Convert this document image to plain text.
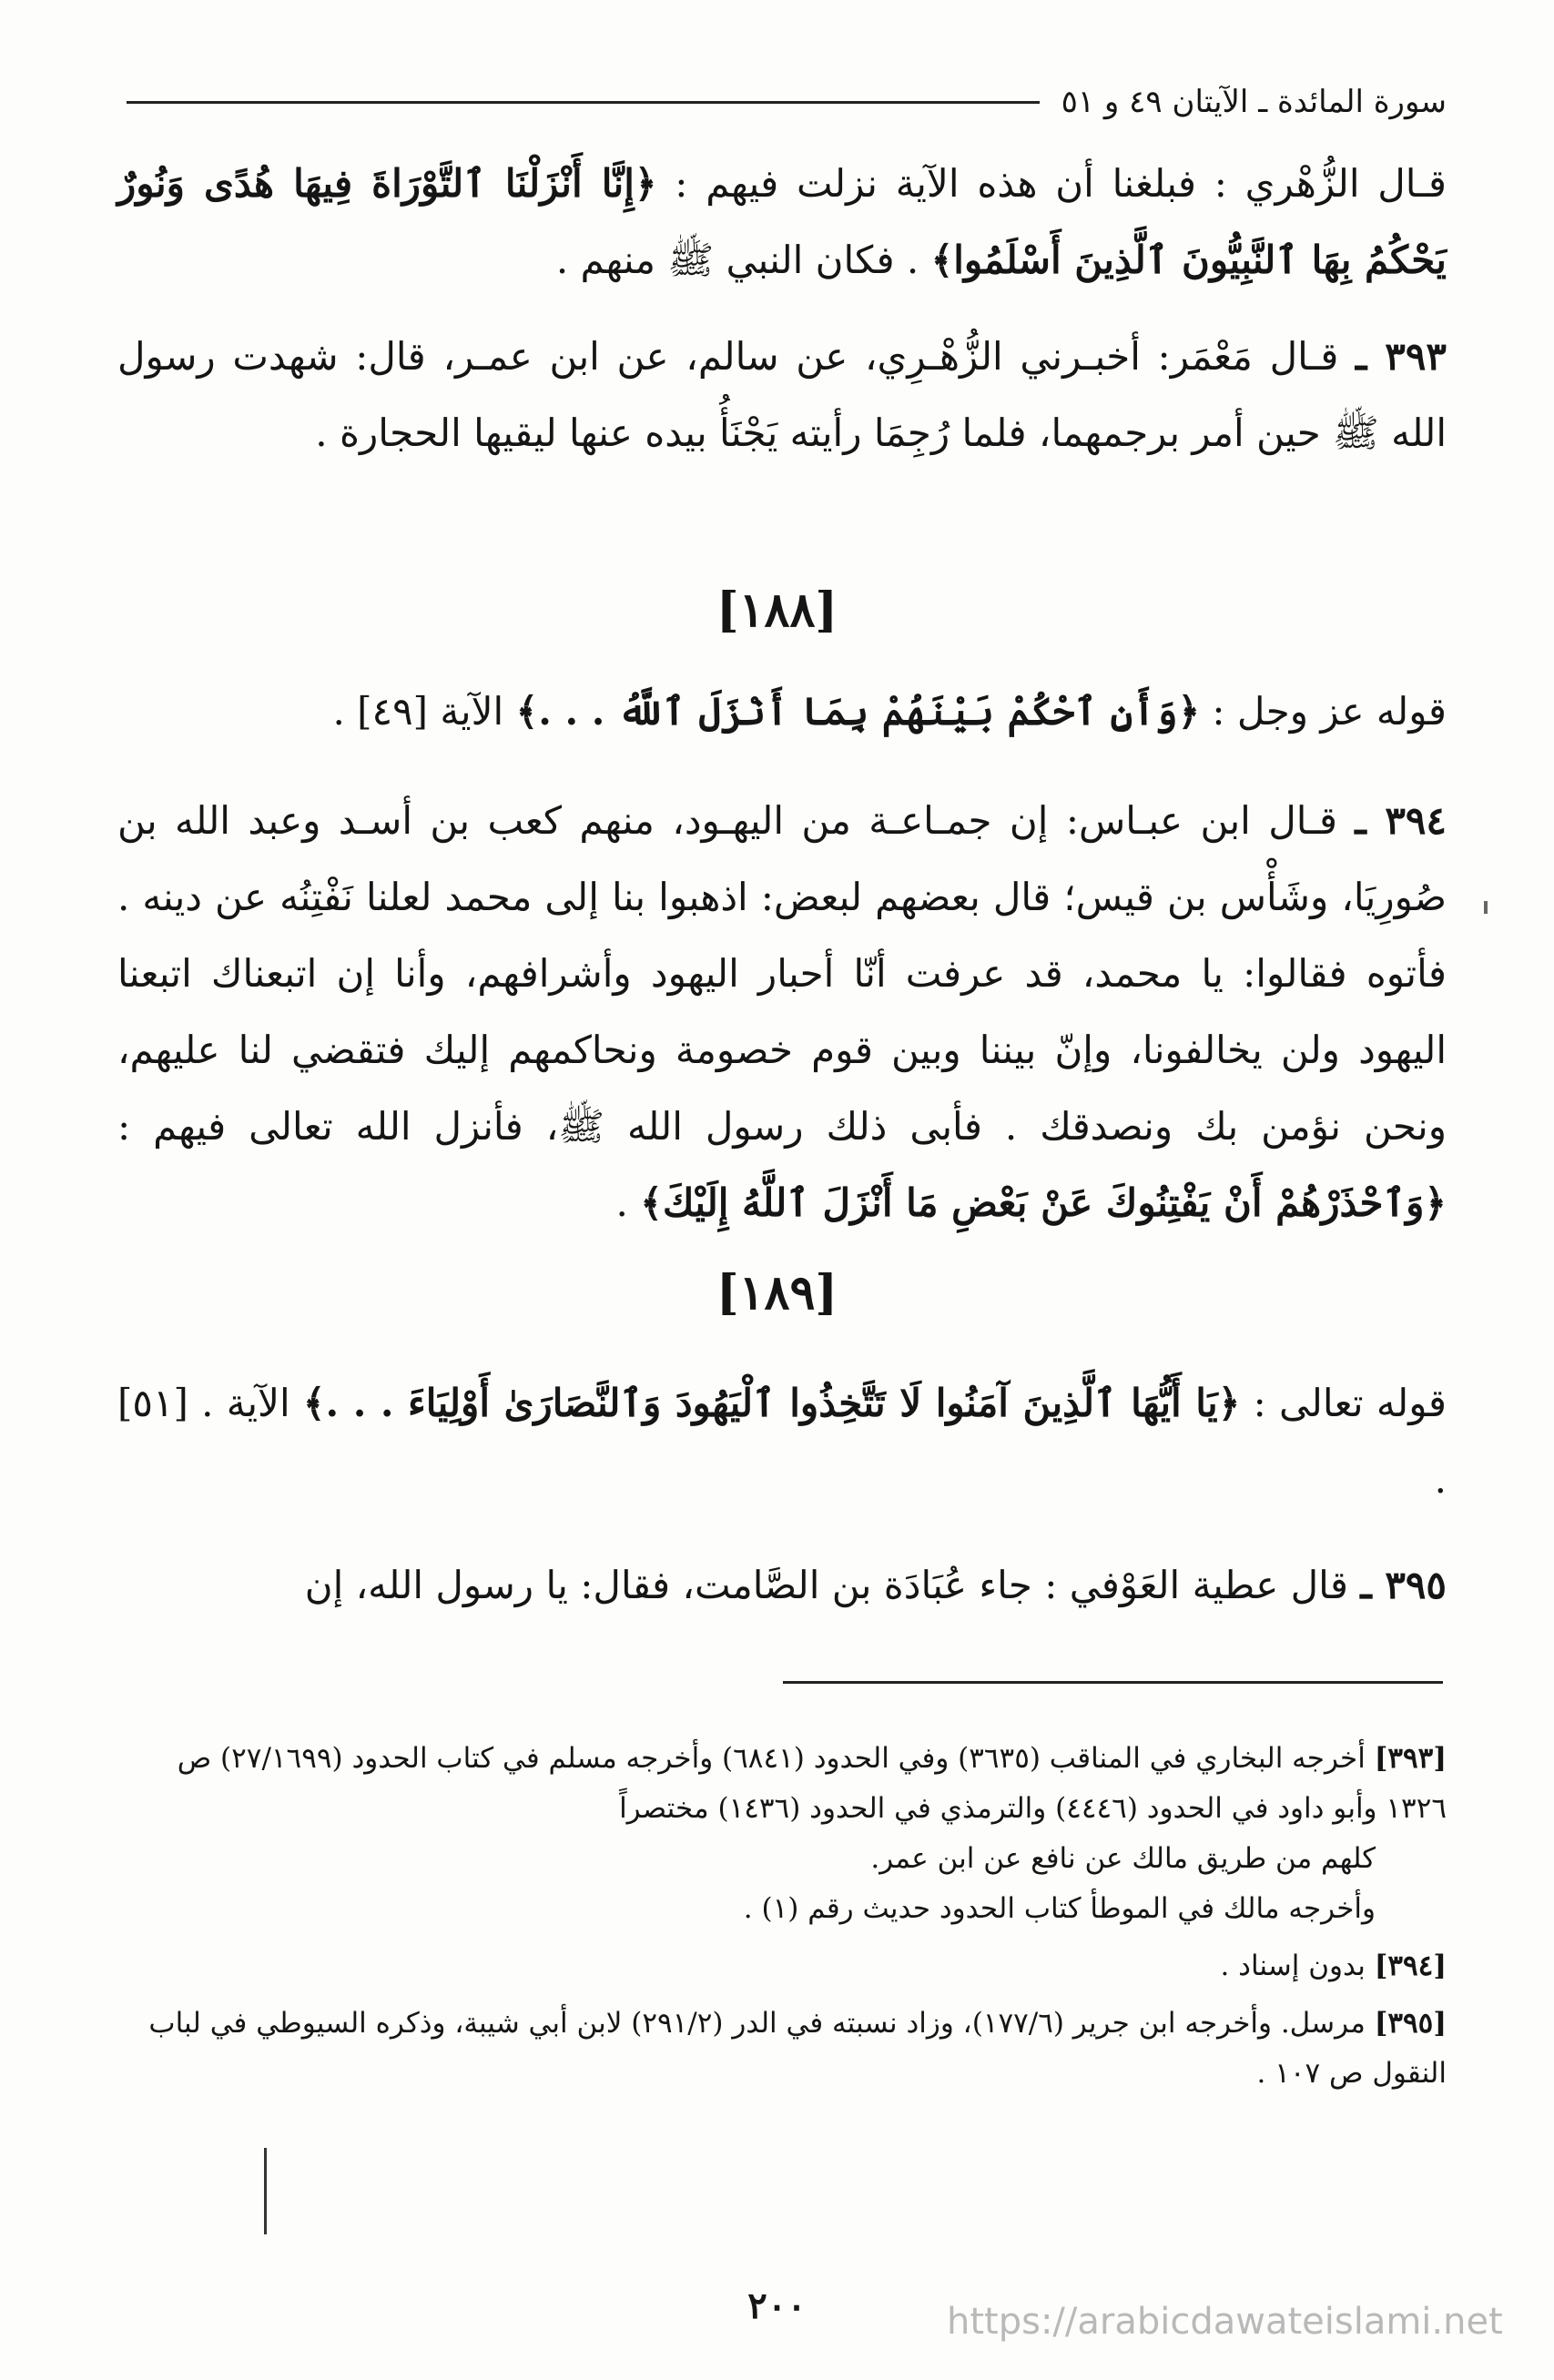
سورة المائدة ـ الآيتان ٤٩ و ٥١
قـال الزُّهْري : فبلغنا أن هذه الآية نزلت فيهم : ﴿إِنَّا أَنْزَلْنَا ٱلتَّوْرَاةَ فِيهَا هُدًى وَنُورٌ يَحْكُمُ بِهَا ٱلنَّبِيُّونَ ٱلَّذِينَ أَسْلَمُوا﴾ . فكان النبي ﷺ منهم .
٣٩٣ ـ قـال مَعْمَر: أخبـرني الزُّهْـرِي، عن سالم، عن ابن عمـر، قال: شهدت رسول الله ﷺ حين أمر برجمهما، فلما رُجِمَا رأيته يَجْنَأُ بيده عنها ليقيها الحجارة .
[١٨٨]
قوله عز وجل : ﴿وَأَنِ ٱحْكُمْ بَيْنَهُمْ بِمَا أَنْزَلَ ٱللَّهُ . . .﴾ الآية [٤٩] .
٣٩٤ ـ قـال ابن عبـاس: إن جمـاعـة من اليهـود، منهم كعب بن أسـد وعبد الله بن صُورِيَا، وشَأْس بن قيس؛ قال بعضهم لبعض: اذهبوا بنا إلى محمد لعلنا نَفْتِنُه عن دينه . فأتوه فقالوا: يا محمد، قد عرفت أنّا أحبار اليهود وأشرافهم، وأنا إن اتبعناك اتبعنا اليهود ولن يخالفونا، وإنّ بيننا وبين قوم خصومة ونحاكمهم إليك فتقضي لنا عليهم، ونحن نؤمن بك ونصدقك . فأبى ذلك رسول الله ﷺ، فأنزل الله تعالى فيهم : ﴿وَٱحْذَرْهُمْ أَنْ يَفْتِنُوكَ عَنْ بَعْضِ مَا أَنْزَلَ ٱللَّهُ إِلَيْكَ﴾ .
[١٨٩]
قوله تعالى : ﴿يَا أَيُّهَا ٱلَّذِينَ آمَنُوا لَا تَتَّخِذُوا ٱلْيَهُودَ وَٱلنَّصَارَىٰ أَوْلِيَاءَ . . .﴾ الآية . [٥١] .
٣٩٥ ـ قال عطية العَوْفي : جاء عُبَادَة بن الصَّامت، فقال: يا رسول الله، إن
[٣٩٣] أخرجه البخاري في المناقب (٣٦٣٥) وفي الحدود (٦٨٤١) وأخرجه مسلم في كتاب الحدود (٢٧/١٦٩٩) ص ١٣٢٦ وأبو داود في الحدود (٤٤٤٦) والترمذي في الحدود (١٤٣٦) مختصراً
كلهم من طريق مالك عن نافع عن ابن عمر.
وأخرجه مالك في الموطأ كتاب الحدود حديث رقم (١) .
[٣٩٤] بدون إسناد .
[٣٩٥] مرسل. وأخرجه ابن جرير (١٧٧/٦)، وزاد نسبته في الدر (٢٩١/٢) لابن أبي شيبة، وذكره السيوطي في لباب النقول ص ١٠٧ .
٢٠٠	https://arabicdawateislami.net
